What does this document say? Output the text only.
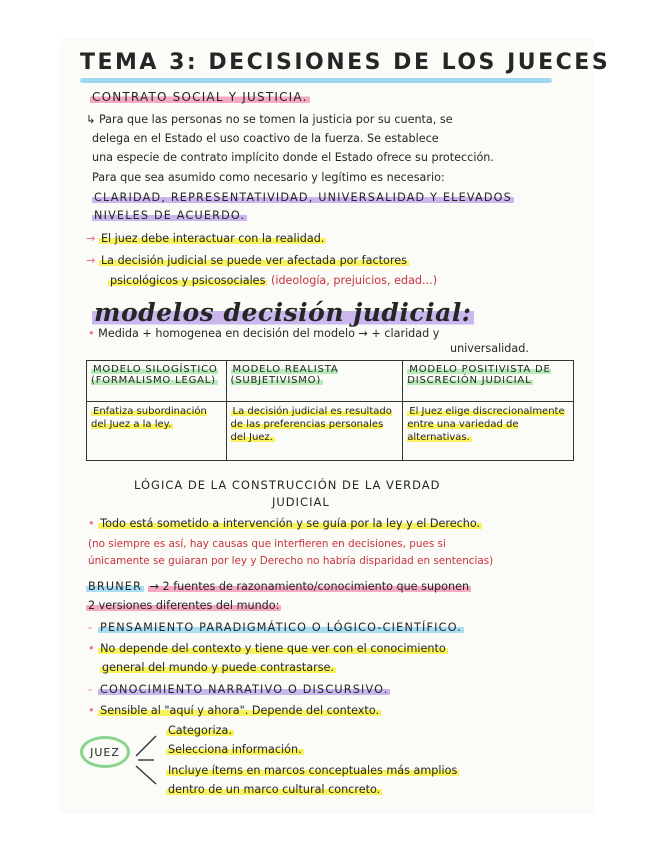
TEMA 3: DECISIONES DE LOS JUECES

CONTRATO SOCIAL Y JUSTICIA.

↳ Para que las personas no se tomen la justicia por su cuenta, se

delega en el Estado el uso coactivo de la fuerza. Se establece

una especie de contrato implícito donde el Estado ofrece su protección.

Para que sea asumido como necesario y legítimo es necesario:

CLARIDAD, REPRESENTATIVIDAD, UNIVERSALIDAD Y ELEVADOS

NIVELES DE ACUERDO.

→ El juez debe interactuar con la realidad.

→ La decisión judicial se puede ver afectada por factores

psicológicos y psicosociales (ideología, prejuicios, edad...)

modelos decisión judicial:

• Medida + homogenea en decisión del modelo → + claridad y

universalidad.

MODELO SILOGÍSTICO (FORMALISMO LEGAL)	MODELO REALISTA (SUBJETIVISMO)	MODELO POSITIVISTA DE DISCRECIÓN JUDICIAL
Enfatiza subordinación del Juez a la ley.	La decisión judicial es resultado de las preferencias personales del Juez.	El Juez elige discrecionalmente entre una variedad de alternativas.

LÓGICA DE LA CONSTRUCCIÓN DE LA VERDAD

JUDICIAL

• Todo está sometido a intervención y se guía por la ley y el Derecho.

(no siempre es así, hay causas que interfieren en decisiones, pues si

únicamente se guiaran por ley y Derecho no habría disparidad en sentencias)

BRUNER → 2 fuentes de razonamiento/conocimiento que suponen

2 versiones diferentes del mundo:

- PENSAMIENTO PARADIGMÁTICO O LÓGICO-CIENTÍFICO.

• No depende del contexto y tiene que ver con el conocimiento

general del mundo y puede contrastarse.

- CONOCIMIENTO NARRATIVO O DISCURSIVO.

• Sensible al "aquí y ahora". Depende del contexto.

JUEZ

Categoriza.

Selecciona información.

Incluye ítems en marcos conceptuales más amplios

dentro de un marco cultural concreto.
